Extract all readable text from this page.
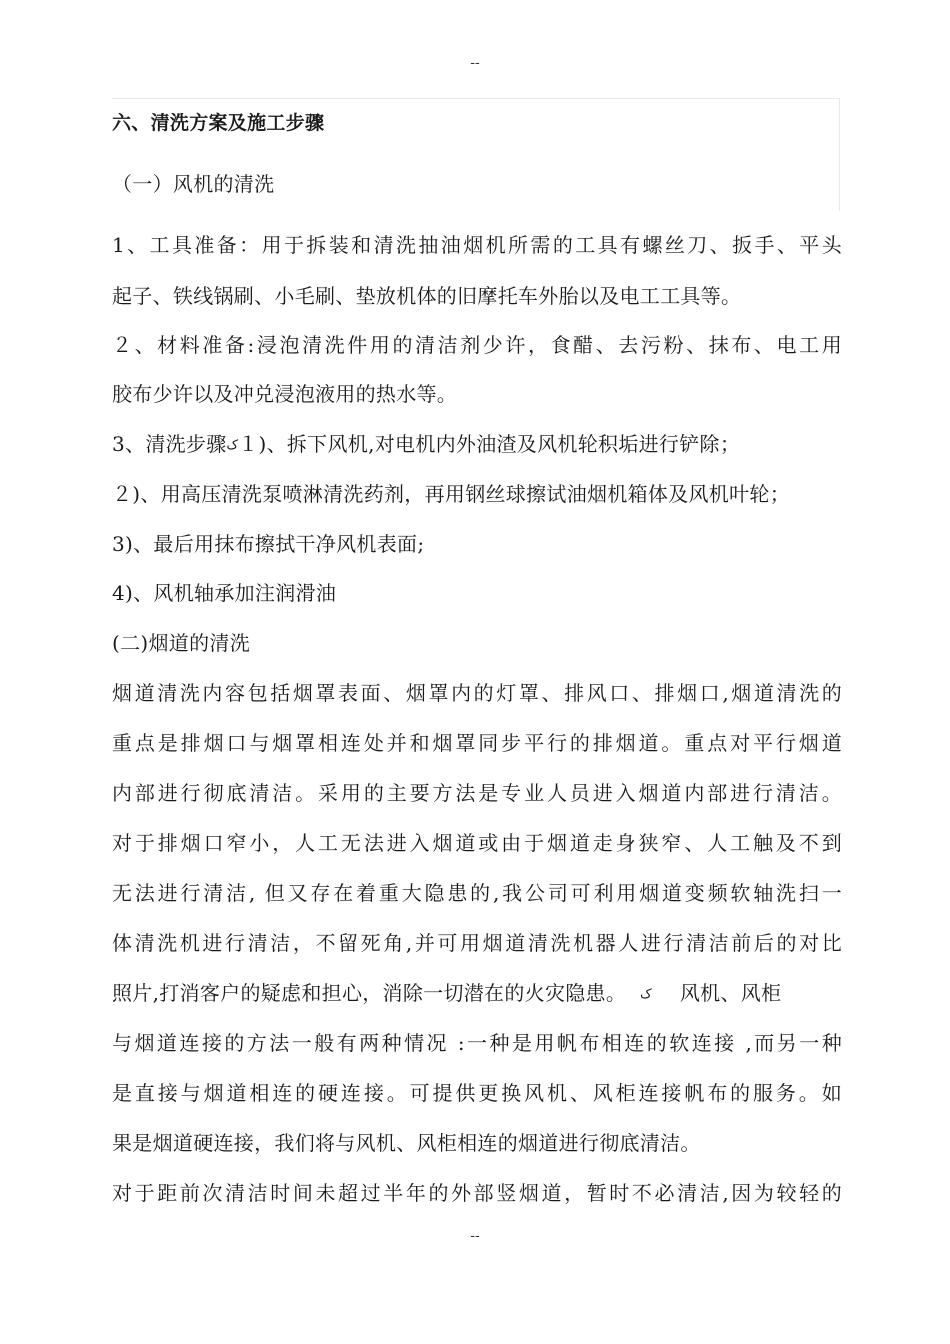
--
六、清洗方案及施工步骤
（一）风机的清洗
1、工具准备：用于拆装和清洗抽油烟机所需的工具有螺丝刀、扳手、平头
起子、铁线锅刷、小毛刷、垫放机体的旧摩托车外胎以及电工工具等。
２、材料准备:浸泡清洗件用的清洁剂少许，食醋、去污粉、抹布、电工用
胶布少许以及冲兑浸泡液用的热水等。
3、清洗步骤ک１)、拆下风机,对电机内外油渣及风机轮积垢进行铲除；
２)、用高压清洗泵喷淋清洗药剂，再用钢丝球擦试油烟机箱体及风机叶轮；
3)、最后用抹布擦拭干净风机表面;
4)、风机轴承加注润滑油
(二)烟道的清洗
烟道清洗内容包括烟罩表面、烟罩内的灯罩、排风口、排烟口,烟道清洗的
重点是排烟口与烟罩相连处并和烟罩同步平行的排烟道。重点对平行烟道
内部进行彻底清洁。采用的主要方法是专业人员进入烟道内部进行清洁。
对于排烟口窄小，人工无法进入烟道或由于烟道走身狭窄、人工触及不到
无法进行清洁, 但又存在着重大隐患的,我公司可利用烟道变频软轴洗扫一
体清洗机进行清洁，不留死角,并可用烟道清洗机器人进行清洁前后的对比
照片,打消客户的疑虑和担心，消除一切潜在的火灾隐患。 ک 风机、风柜
与烟道连接的方法一般有两种情况 :一种是用帆布相连的软连接 ,而另一种
是直接与烟道相连的硬连接。可提供更换风机、风柜连接帆布的服务。如
果是烟道硬连接，我们将与风机、风柜相连的烟道进行彻底清洁。
对于距前次清洁时间未超过半年的外部竖烟道，暂时不必清洁,因为较轻的
--
